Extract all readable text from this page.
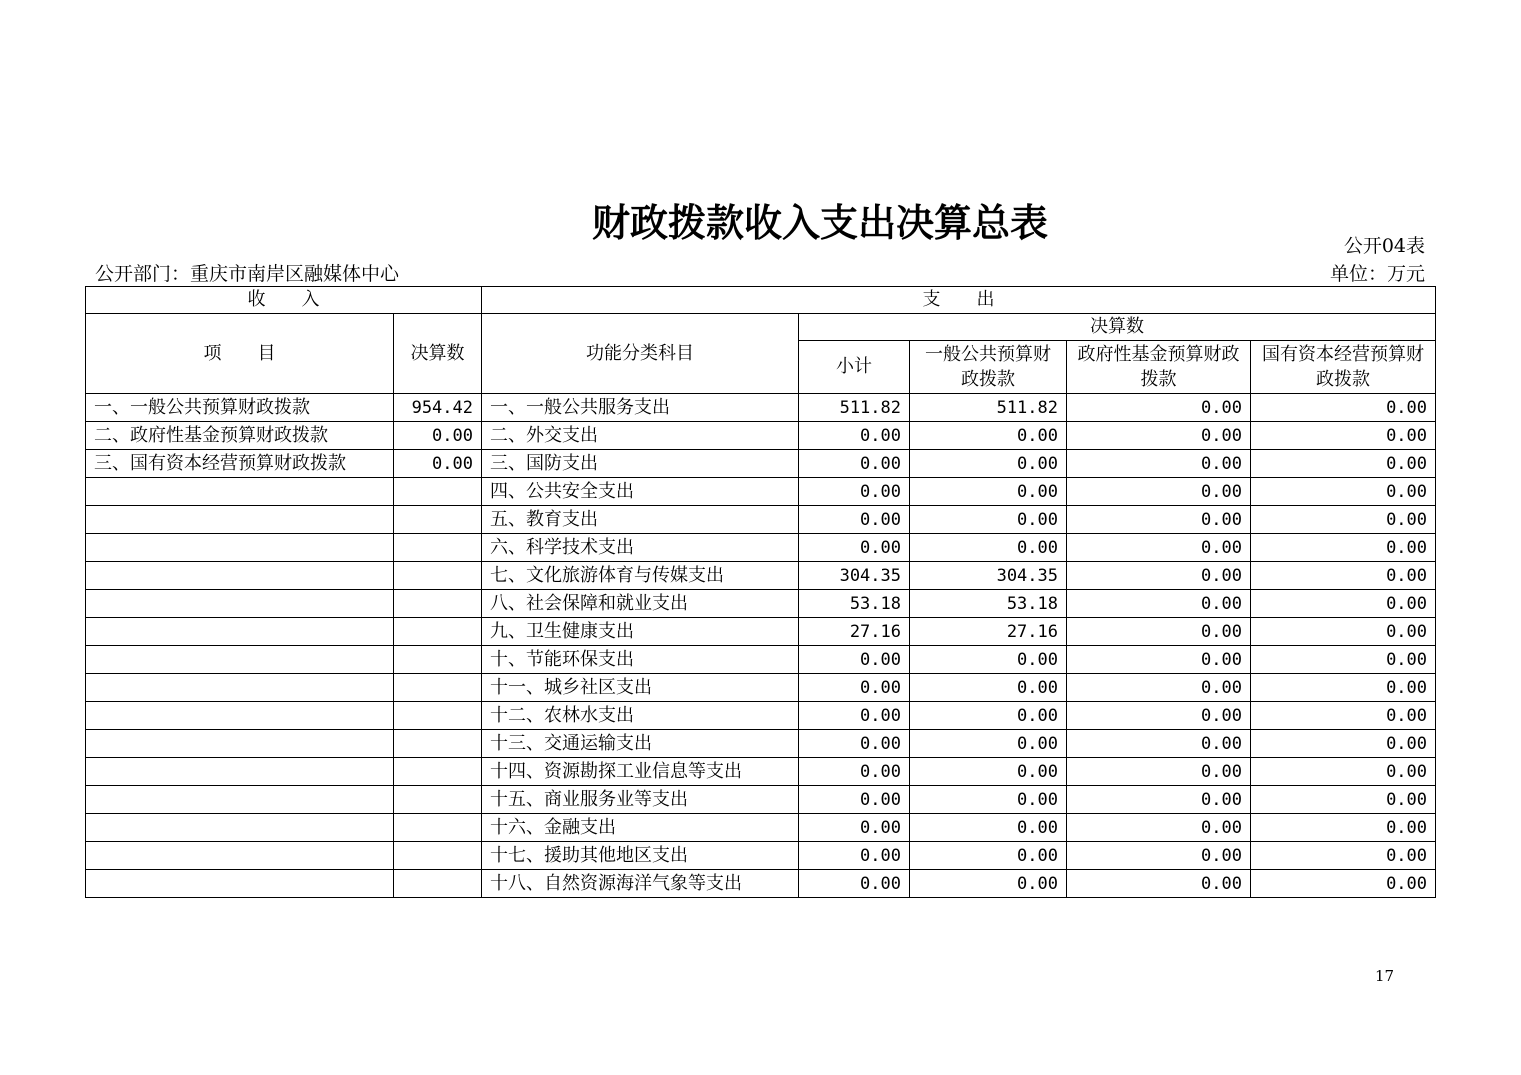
财政拨款收入支出决算总表
公开04表
公开部门：重庆市南岸区融媒体中心	单位：万元
收　　入		支　　出				
项　　目	决算数	功能分类科目	决算数			
			小计	一般公共预算财政拨款	政府性基金预算财政拨款	国有资本经营预算财政拨款
一、一般公共预算财政拨款	954.42	一、一般公共服务支出	511.82	511.82	0.00	0.00
二、政府性基金预算财政拨款	0.00	二、外交支出	0.00	0.00	0.00	0.00
三、国有资本经营预算财政拨款	0.00	三、国防支出	0.00	0.00	0.00	0.00
		四、公共安全支出	0.00	0.00	0.00	0.00
		五、教育支出	0.00	0.00	0.00	0.00
		六、科学技术支出	0.00	0.00	0.00	0.00
		七、文化旅游体育与传媒支出	304.35	304.35	0.00	0.00
		八、社会保障和就业支出	53.18	53.18	0.00	0.00
		九、卫生健康支出	27.16	27.16	0.00	0.00
		十、节能环保支出	0.00	0.00	0.00	0.00
		十一、城乡社区支出	0.00	0.00	0.00	0.00
		十二、农林水支出	0.00	0.00	0.00	0.00
		十三、交通运输支出	0.00	0.00	0.00	0.00
		十四、资源勘探工业信息等支出	0.00	0.00	0.00	0.00
		十五、商业服务业等支出	0.00	0.00	0.00	0.00
		十六、金融支出	0.00	0.00	0.00	0.00
		十七、援助其他地区支出	0.00	0.00	0.00	0.00
		十八、自然资源海洋气象等支出	0.00	0.00	0.00	0.00
17
